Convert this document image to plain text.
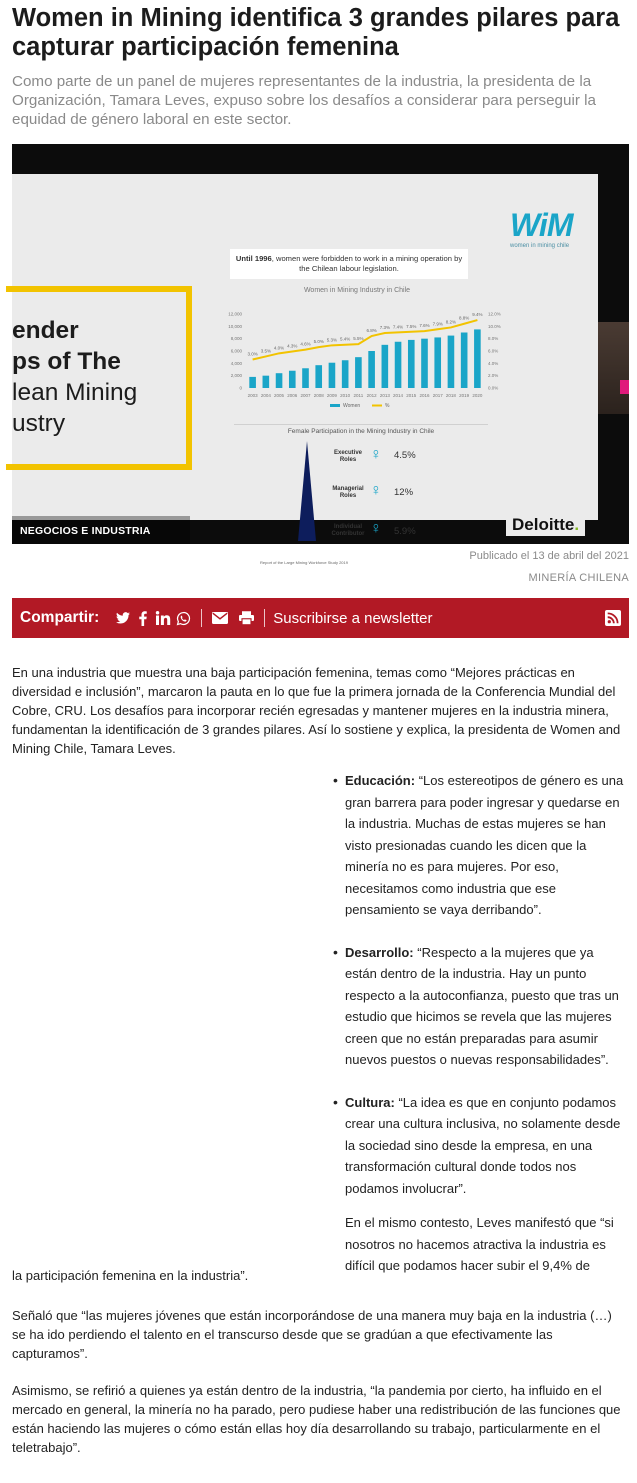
Women in Mining identifica 3 grandes pilares para capturar participación femenina

Como parte de un panel de mujeres representantes de la industria, la presidenta de la Organización, Tamara Leves, expuso sobre los desafíos a considerar para perseguir la equidad de género laboral en este sector.

ender
ps of The
lean Mining
ustry
WiM
women in mining chile
Until 1996, women were forbidden to work in a mining operation by the Chilean labour legislation.
Women in Mining Industry in Chile
3.0%
3.5%
4.0% 4.3% 4.6% 5.0% 5.3% 5.4% 5.5%
6.8%
7.3% 7.4% 7.5% 7.6% 7.9% 8.2%
8.8%
9.4%
2003 2004 2005 2006 2007 2008 2009 2010 2011 2012 2013 2014 2015 2016 2017 2018 2019 2020
0
2,000
4,000
6,000
8,000
10,000
12,000
0.0%
2.0%
4.0%
6.0%
8.0%
10.0%
12.0%
Women	%
Female Participation in the Mining Industry in Chile
Executive Roles ♀ 4.5%
Managerial Roles ♀ 12%
Individual Contributor ♀ 5.9%
Report of the Large Mining Workforce Study 2019
Deloitte.
NEGOCIOS E INDUSTRIA
Publicado el 13 de abril del 2021
MINERÍA CHILENA
Compartir:	Suscribirse a newsletter

En una industria que muestra una baja participación femenina, temas como “Mejores prácticas en diversidad e inclusión”, marcaron la pauta en lo que fue la primera jornada de la Conferencia Mundial del Cobre, CRU. Los desafíos para incorporar recién egresadas y mantener mujeres en la industria minera, fundamentan la identificación de 3 grandes pilares. Así lo sostiene y explica, la presidenta de Women and Mining Chile, Tamara Leves.

• Educación: “Los estereotipos de género es una gran barrera para poder ingresar y quedarse en la industria. Muchas de estas mujeres se han visto presionadas cuando les dicen que la minería no es para mujeres. Por eso, necesitamos como industria que ese pensamiento se vaya derribando”.
• Desarrollo: “Respecto a la mujeres que ya están dentro de la industria. Hay un punto respecto a la autoconfianza, puesto que tras un estudio que hicimos se revela que las mujeres creen que no están preparadas para asumir nuevos puestos o nuevas responsabilidades”.
• Cultura: “La idea es que en conjunto podamos crear una cultura inclusiva, no solamente desde la sociedad sino desde la empresa, en una transformación cultural donde todos nos podamos involucrar”.

En el mismo contesto, Leves manifestó que “si nosotros no hacemos atractiva la industria es difícil que podamos hacer subir el 9,4% de

la participación femenina en la industria”.

Señaló que “las mujeres jóvenes que están incorporándose de una manera muy baja en la industria (…) se ha ido perdiendo el talento en el transcurso desde que se gradúan a que efectivamente las capturamos”.

Asimismo, se refirió a quienes ya están dentro de la industria, “la pandemia por cierto, ha influido en el mercado en general, la minería no ha parado, pero pudiese haber una redistribución de las funciones que están haciendo las mujeres o cómo están ellas hoy día desarrollando su trabajo, particularmente en el teletrabajo”.
